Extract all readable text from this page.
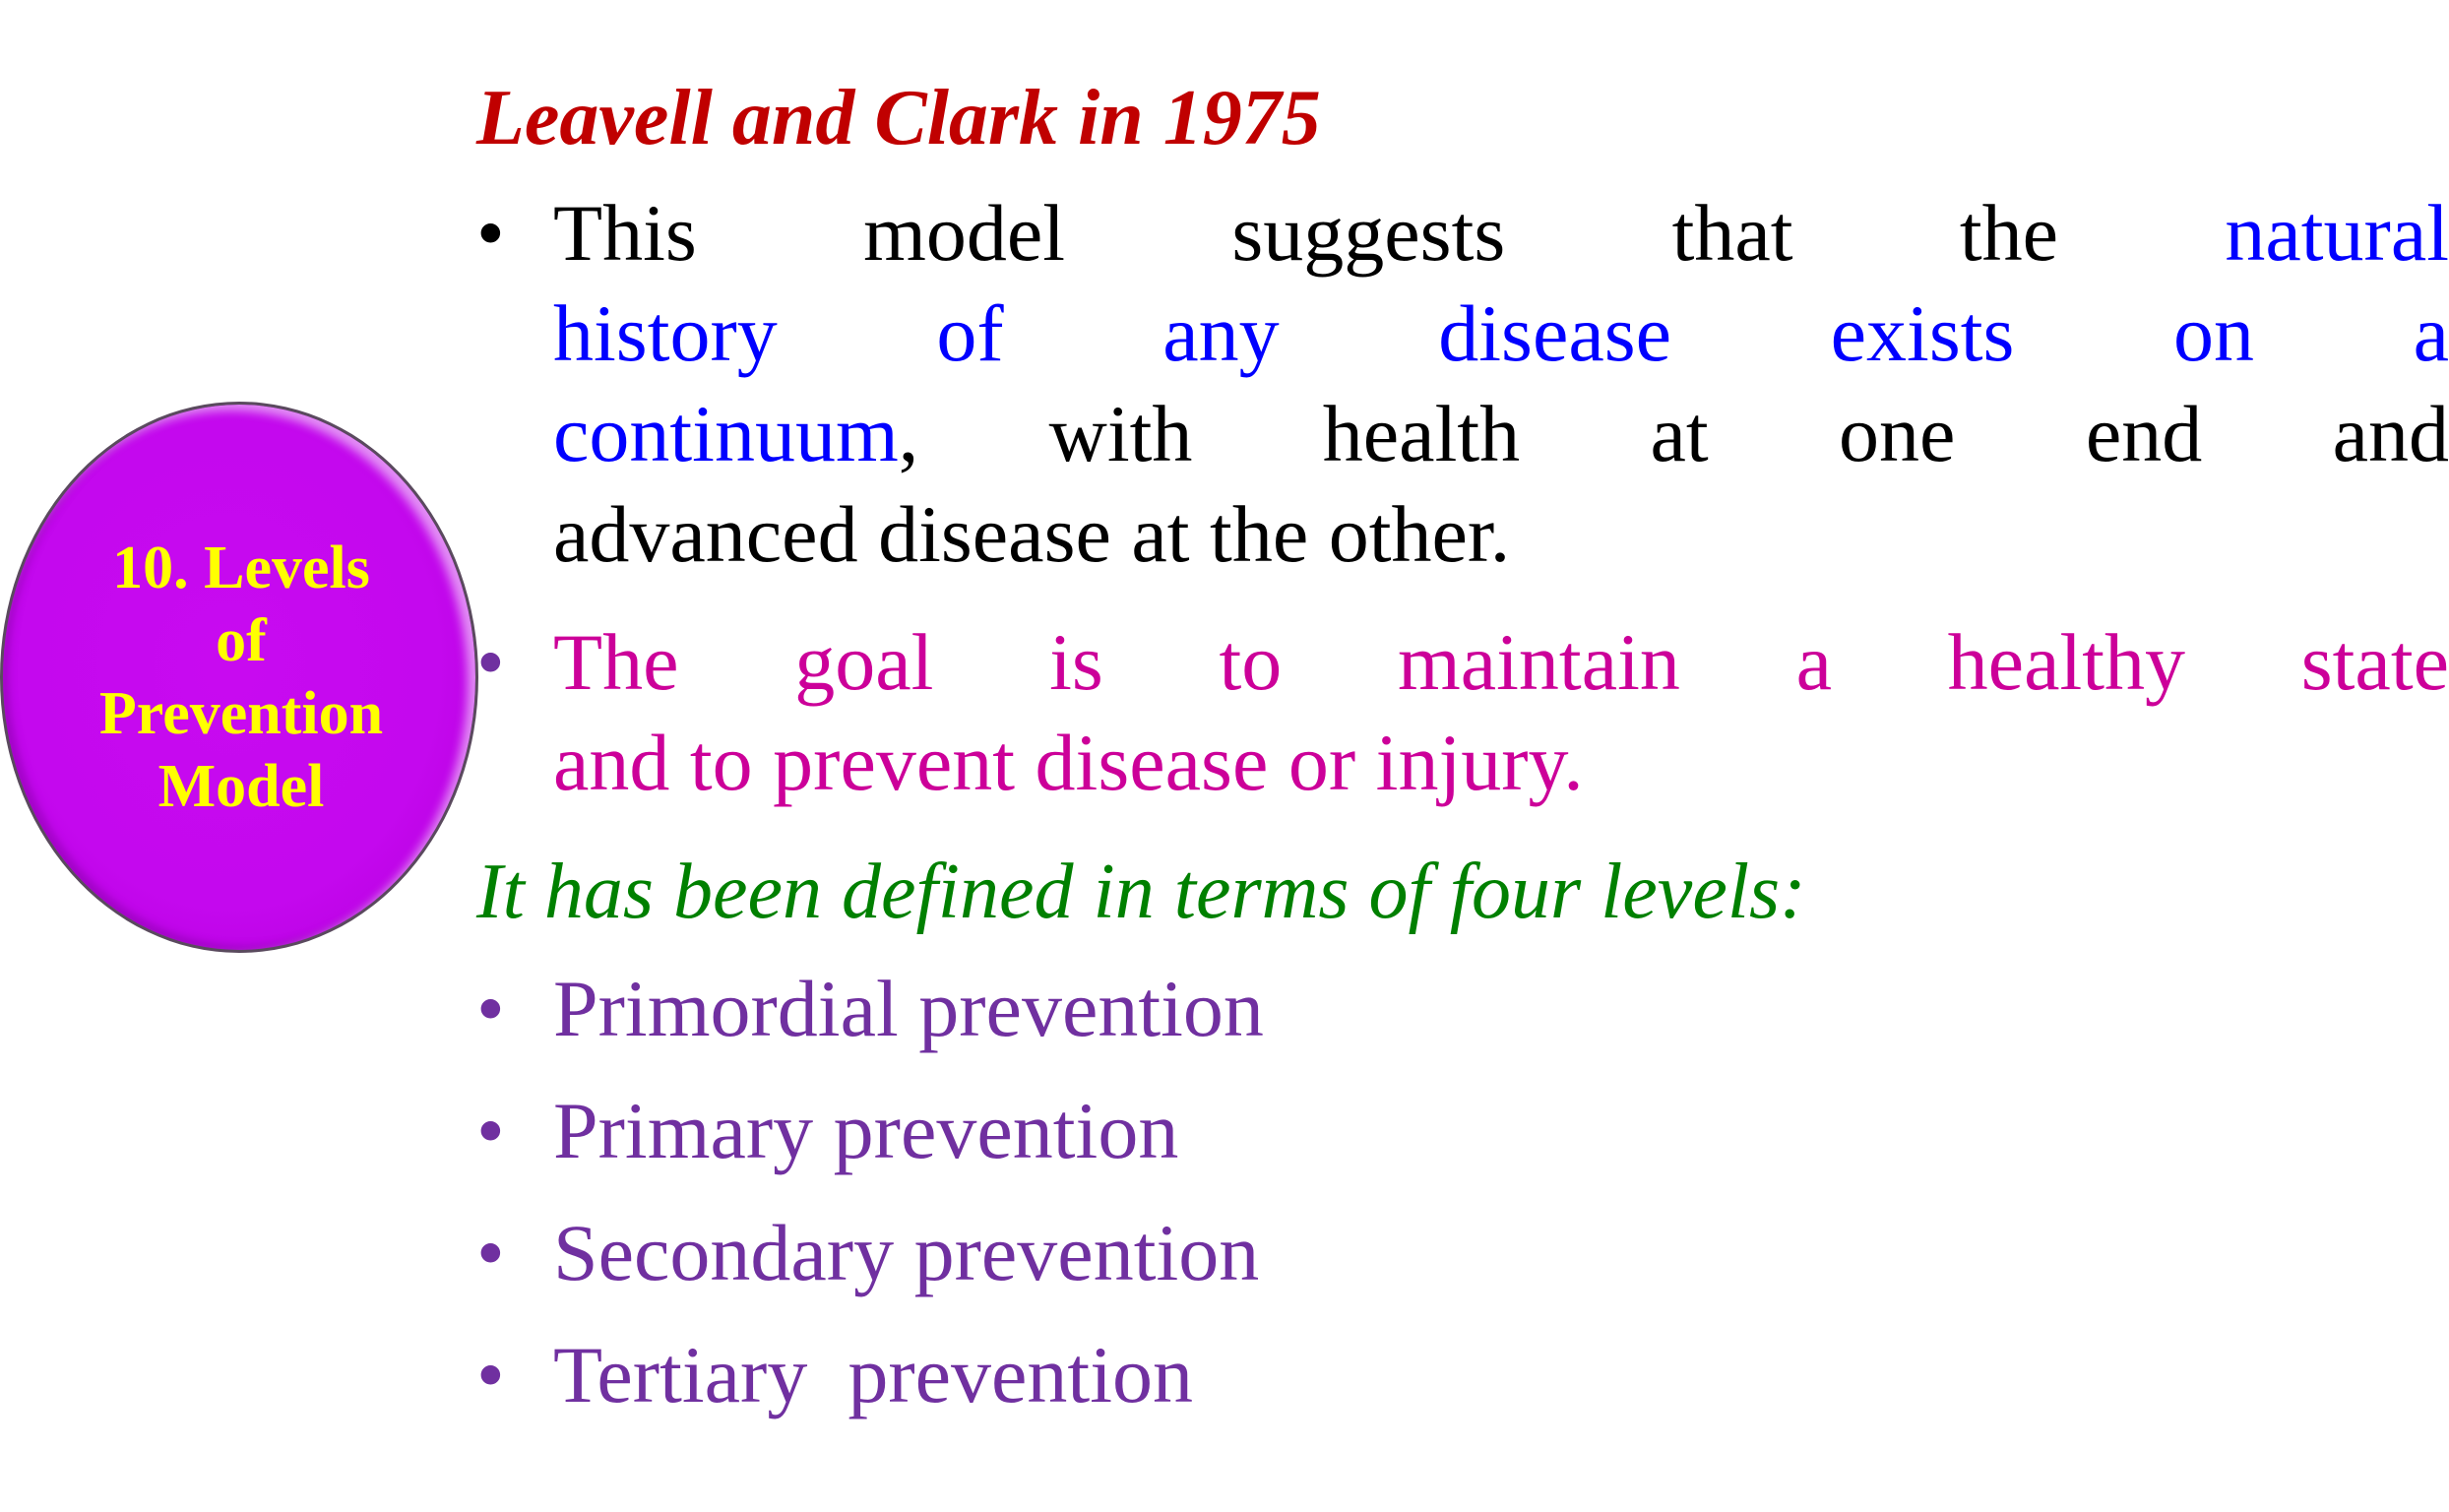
10. Levels
of
Prevention
Model
Leavell and Clark in 1975
• This model suggests that the natural
history of any disease exists on a
continuum, with health at one end and
advanced disease at the other.
• The goal is to maintain a healthy state
and to prevent disease or injury.
It has been defined in terms of four levels:
• Primordial prevention
• Primary prevention
• Secondary prevention
• Tertiary  prevention
